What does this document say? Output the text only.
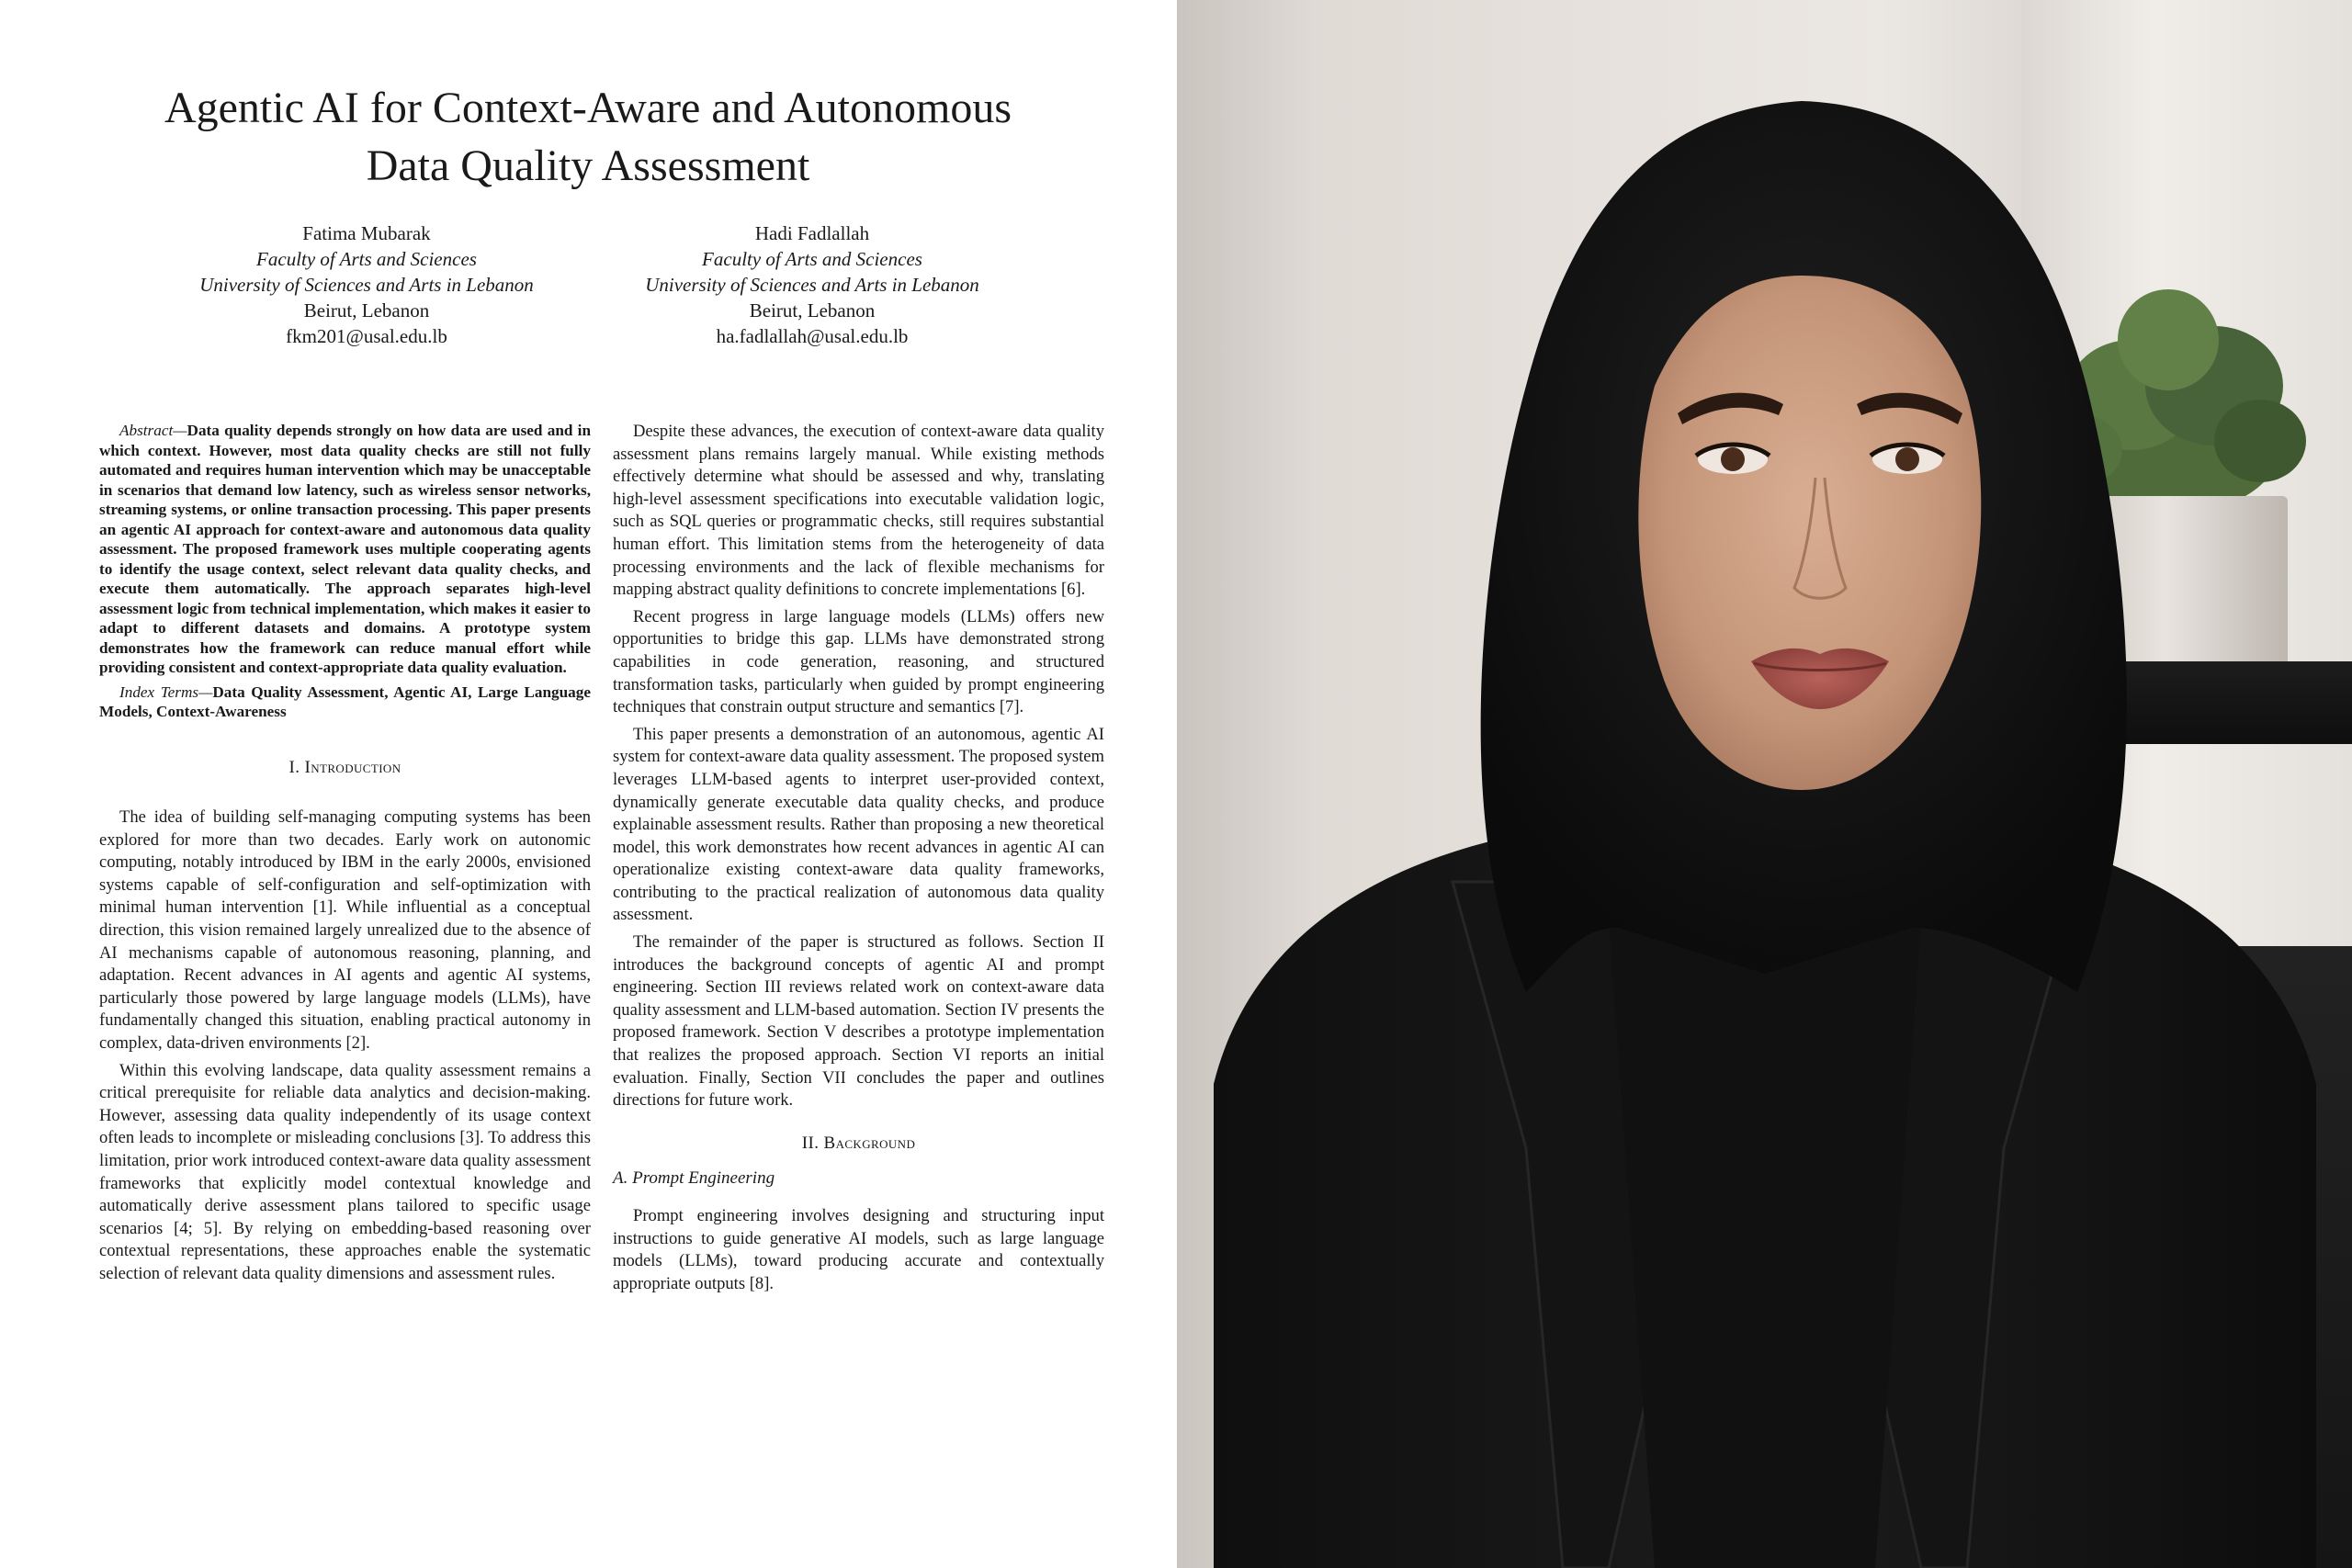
Agentic AI for Context-Aware and Autonomous
Data Quality Assessment
Fatima Mubarak
Faculty of Arts and Sciences
University of Sciences and Arts in Lebanon
Beirut, Lebanon
fkm201@usal.edu.lb
Hadi Fadlallah
Faculty of Arts and Sciences
University of Sciences and Arts in Lebanon
Beirut, Lebanon
ha.fadlallah@usal.edu.lb

Abstract—Data quality depends strongly on how data are used and in which context. However, most data quality checks are still not fully automated and requires human intervention which may be unacceptable in scenarios that demand low latency, such as wireless sensor networks, streaming systems, or online transaction processing. This paper presents an agentic AI approach for context-aware and autonomous data quality assessment. The proposed framework uses multiple cooperating agents to identify the usage context, select relevant data quality checks, and execute them automatically. The approach separates high-level assessment logic from technical implementation, which makes it easier to adapt to different datasets and domains. A prototype system demonstrates how the framework can reduce manual effort while providing consistent and context-appropriate data quality evaluation.

Index Terms—Data Quality Assessment, Agentic AI, Large Language Models, Context-Awareness

I. Introduction

The idea of building self-managing computing systems has been explored for more than two decades. Early work on autonomic computing, notably introduced by IBM in the early 2000s, envisioned systems capable of self-configuration and self-optimization with minimal human intervention [1]. While influential as a conceptual direction, this vision remained largely unrealized due to the absence of AI mechanisms capable of autonomous reasoning, planning, and adaptation. Recent advances in AI agents and agentic AI systems, particularly those powered by large language models (LLMs), have fundamentally changed this situation, enabling practical autonomy in complex, data-driven environments [2].

Within this evolving landscape, data quality assessment remains a critical prerequisite for reliable data analytics and decision-making. However, assessing data quality independently of its usage context often leads to incomplete or misleading conclusions [3]. To address this limitation, prior work introduced context-aware data quality assessment frameworks that explicitly model contextual knowledge and automatically derive assessment plans tailored to specific usage scenarios [4; 5]. By relying on embedding-based reasoning over contextual representations, these approaches enable the systematic selection of relevant data quality dimensions and assessment rules.

Despite these advances, the execution of context-aware data quality assessment plans remains largely manual. While existing methods effectively determine what should be assessed and why, translating high-level assessment specifications into executable validation logic, such as SQL queries or programmatic checks, still requires substantial human effort. This limitation stems from the heterogeneity of data processing environments and the lack of flexible mechanisms for mapping abstract quality definitions to concrete implementations [6].

Recent progress in large language models (LLMs) offers new opportunities to bridge this gap. LLMs have demonstrated strong capabilities in code generation, reasoning, and structured transformation tasks, particularly when guided by prompt engineering techniques that constrain output structure and semantics [7].

This paper presents a demonstration of an autonomous, agentic AI system for context-aware data quality assessment. The proposed system leverages LLM-based agents to interpret user-provided context, dynamically generate executable data quality checks, and produce explainable assessment results. Rather than proposing a new theoretical model, this work demonstrates how recent advances in agentic AI can operationalize existing context-aware data quality frameworks, contributing to the practical realization of autonomous data quality assessment.

The remainder of the paper is structured as follows. Section II introduces the background concepts of agentic AI and prompt engineering. Section III reviews related work on context-aware data quality assessment and LLM-based automation. Section IV presents the proposed framework. Section V describes a prototype implementation that realizes the proposed approach. Section VI reports an initial evaluation. Finally, Section VII concludes the paper and outlines directions for future work.

II. Background
A. Prompt Engineering

Prompt engineering involves designing and structuring input instructions to guide generative AI models, such as large language models (LLMs), toward producing accurate and contextually appropriate outputs [8].
